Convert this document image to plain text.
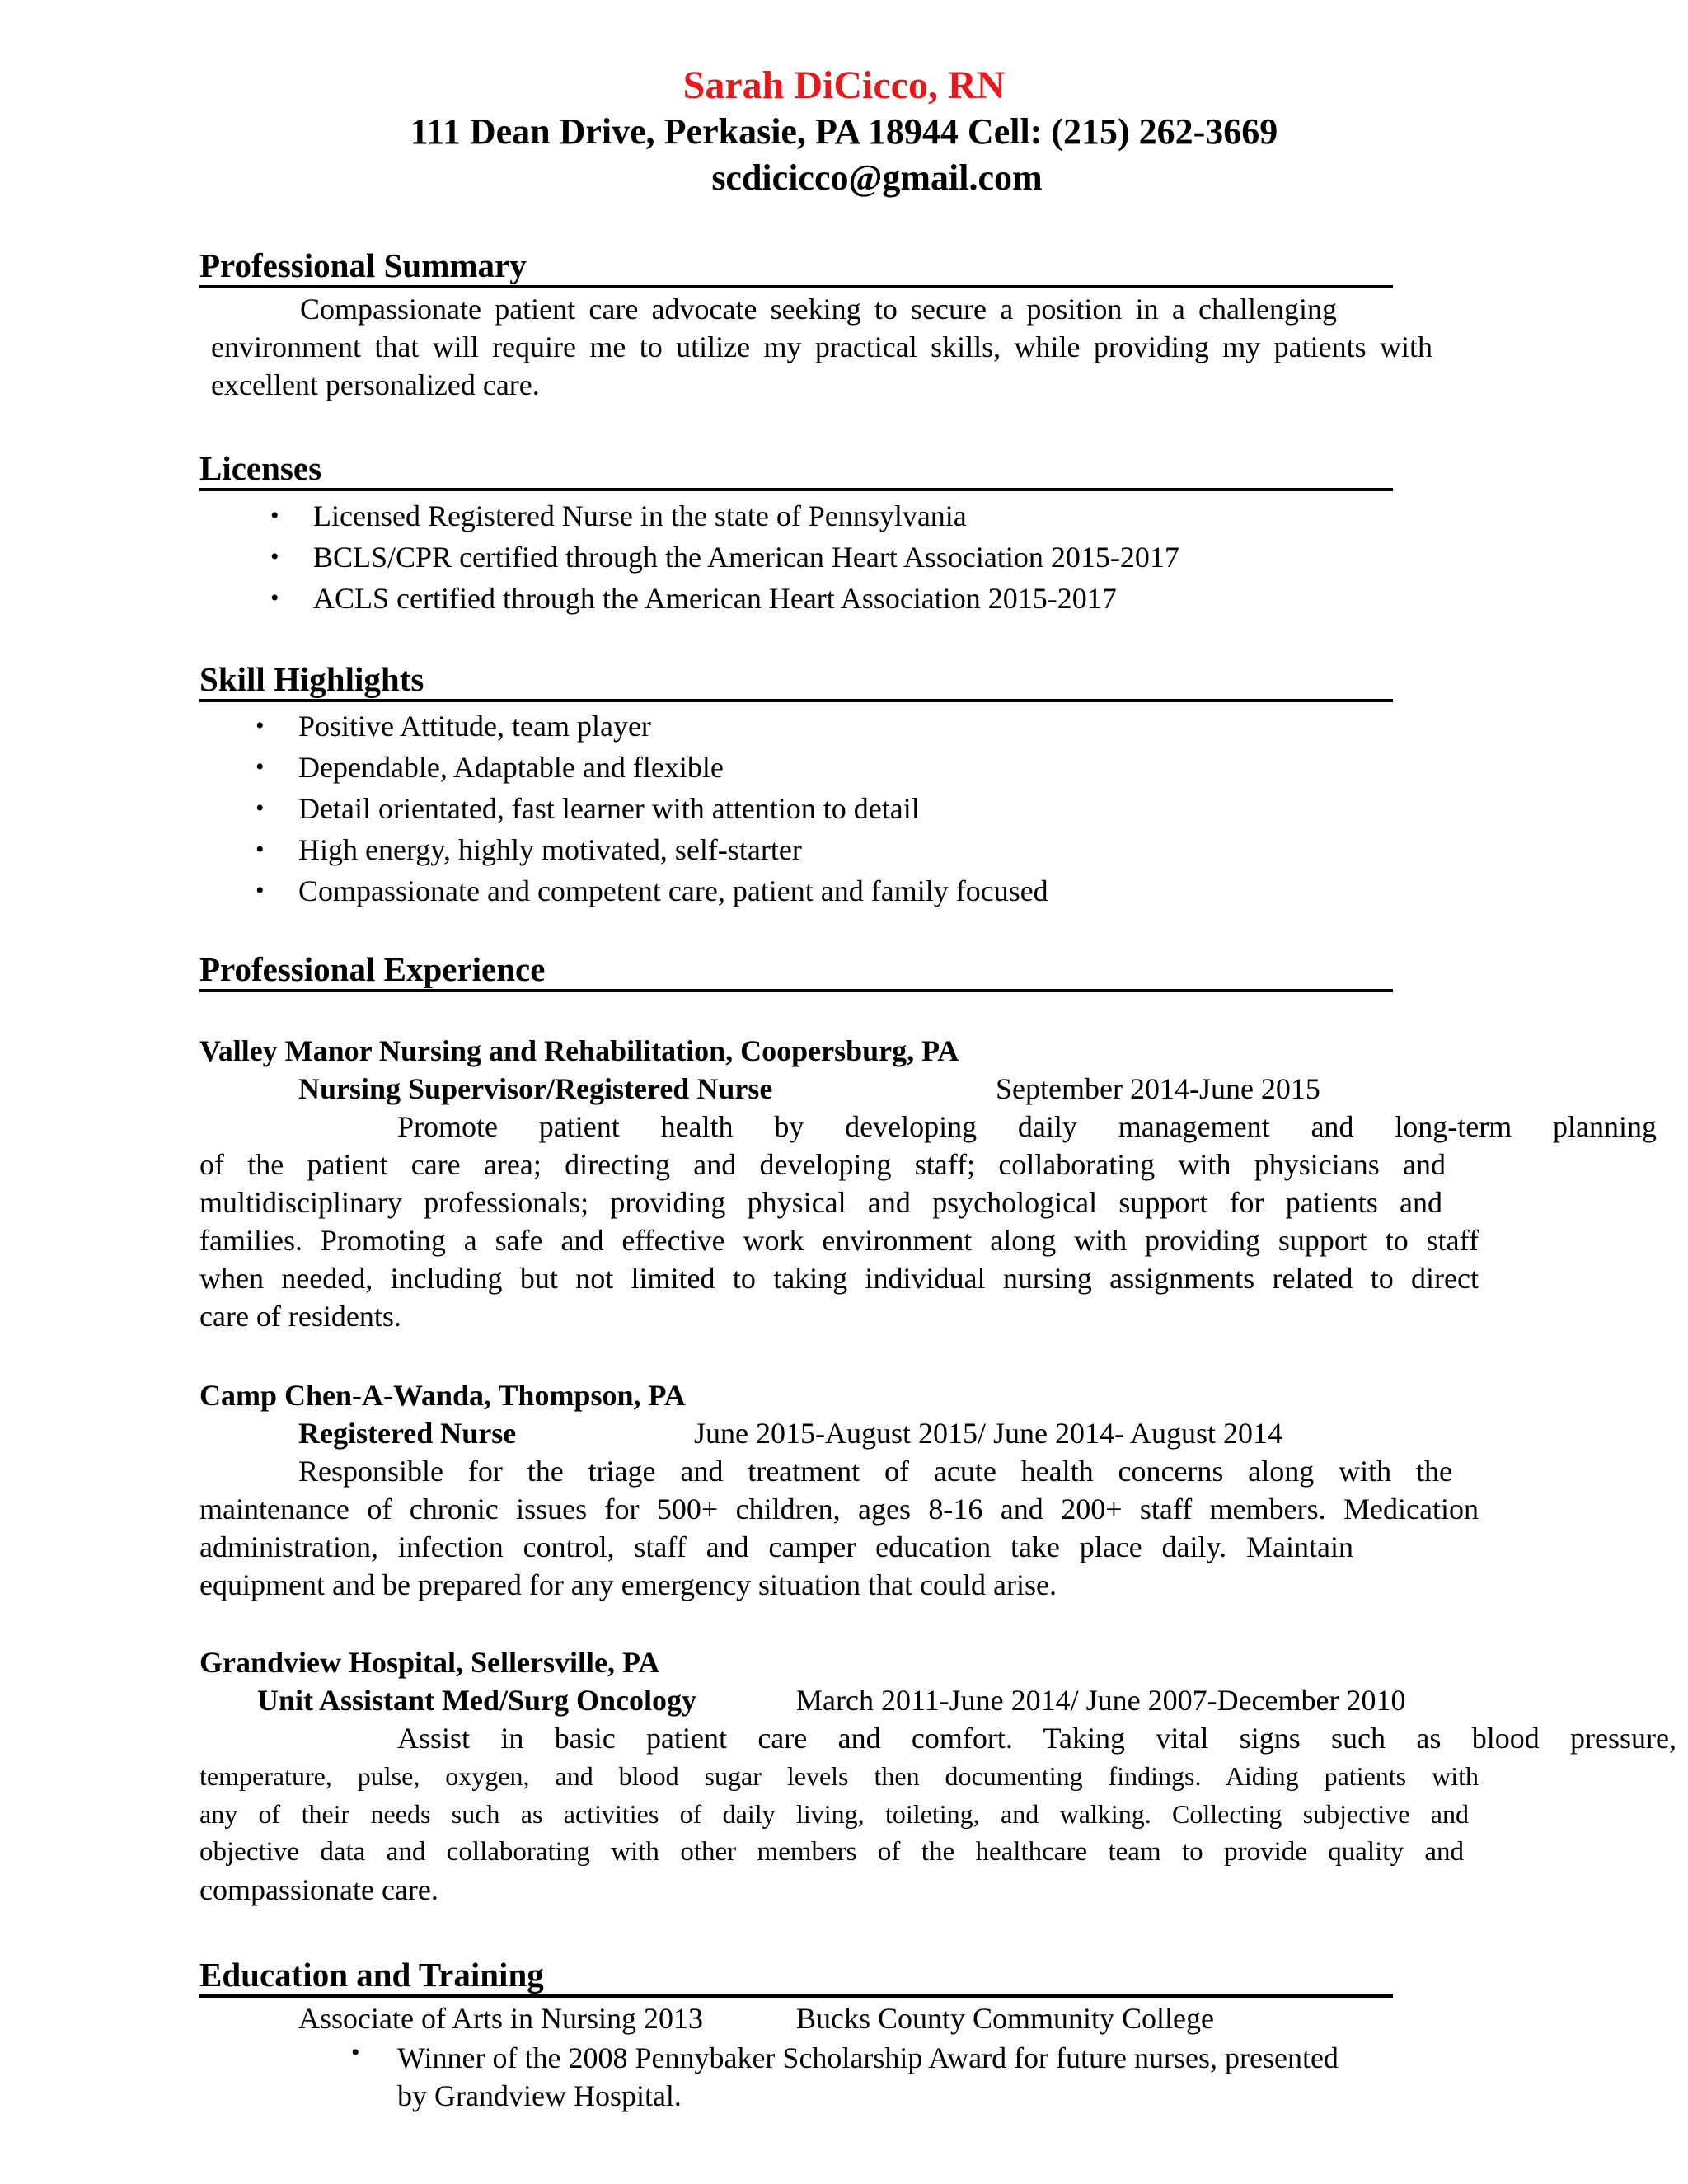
Sarah DiCicco, RN
111 Dean Drive, Perkasie, PA 18944 Cell: (215) 262-3669
scdicicco@gmail.com
Professional Summary
Compassionate patient care advocate seeking to secure a position in a challenging
environment that will require me to utilize my practical skills, while providing my patients with
excellent personalized care.
Licenses
• Licensed Registered Nurse in the state of Pennsylvania
• BCLS/CPR certified through the American Heart Association 2015-2017
• ACLS certified through the American Heart Association 2015-2017
Skill Highlights
• Positive Attitude, team player
• Dependable, Adaptable and flexible
• Detail orientated, fast learner with attention to detail
• High energy, highly motivated, self-starter
• Compassionate and competent care, patient and family focused
Professional Experience
Valley Manor Nursing and Rehabilitation, Coopersburg, PA
Nursing Supervisor/Registered Nurse	September 2014-June 2015
Promote patient health by developing daily management and long-term planning
of the patient care area; directing and developing staff; collaborating with physicians and
multidisciplinary professionals; providing physical and psychological support for patients and
families. Promoting a safe and effective work environment along with providing support to staff
when needed, including but not limited to taking individual nursing assignments related to direct
care of residents.
Camp Chen-A-Wanda, Thompson, PA
Registered Nurse	June 2015-August 2015/ June 2014- August 2014
Responsible for the triage and treatment of acute health concerns along with the
maintenance of chronic issues for 500+ children, ages 8-16 and 200+ staff members. Medication
administration, infection control, staff and camper education take place daily. Maintain
equipment and be prepared for any emergency situation that could arise.
Grandview Hospital, Sellersville, PA
Unit Assistant Med/Surg Oncology	March 2011-June 2014/ June 2007-December 2010
Assist in basic patient care and comfort. Taking vital signs such as blood pressure,
temperature, pulse, oxygen, and blood sugar levels then documenting findings. Aiding patients with
any of their needs such as activities of daily living, toileting, and walking. Collecting subjective and
objective data and collaborating with other members of the healthcare team to provide quality and
compassionate care.
Education and Training
Associate of Arts in Nursing 2013	Bucks County Community College
• Winner of the 2008 Pennybaker Scholarship Award for future nurses, presented
by Grandview Hospital.
